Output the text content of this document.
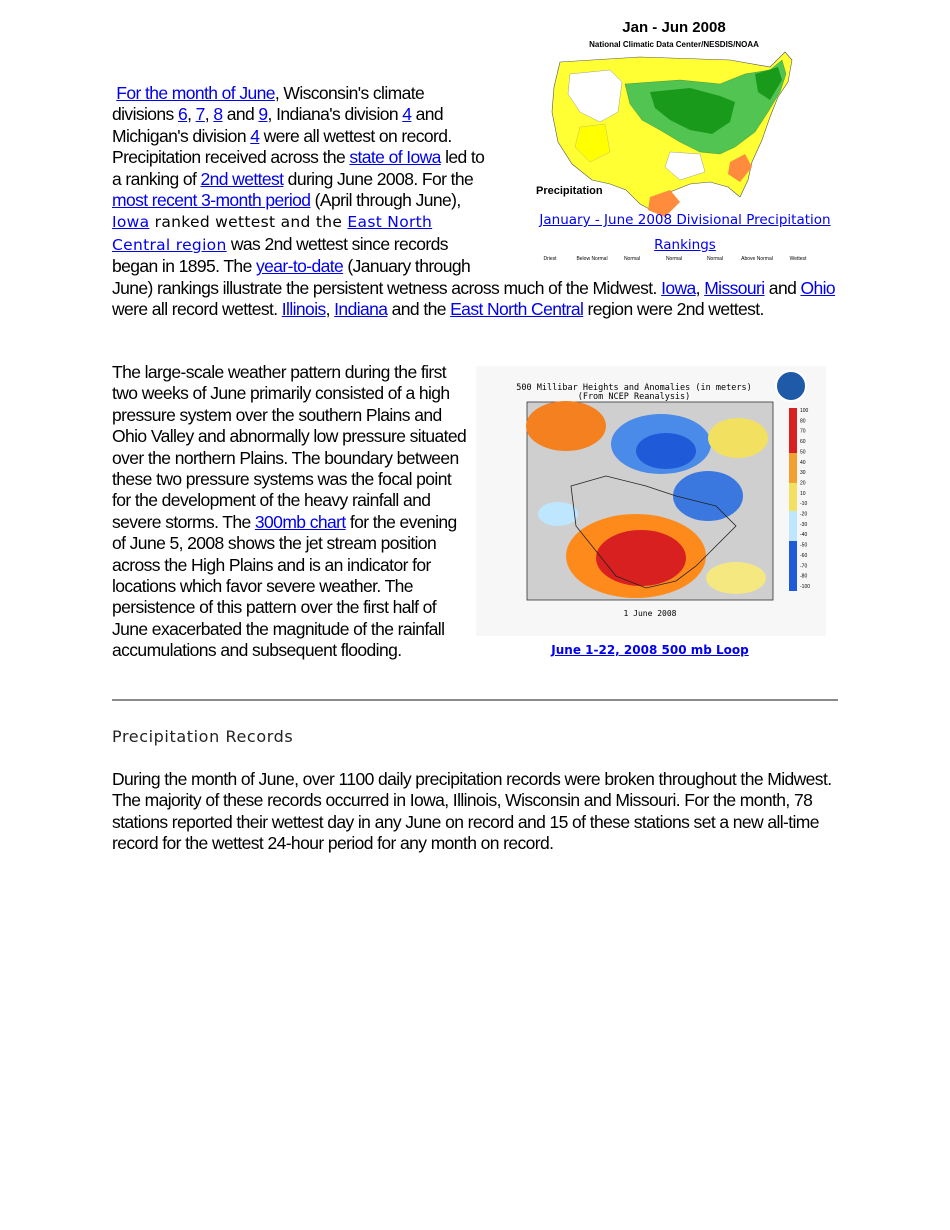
Jan - Jun 2008
National Climatic Data Center/NESDIS/NOAA
Precipitation
Driest	Below Normal	Normal	Normal	Normal	Above Normal	Wettest
January - June 2008 Divisional Precipitation Rankings
For the month of June, Wisconsin's climate divisions 6, 7, 8 and 9, Indiana's division 4 and Michigan's division 4 were all wettest on record. Precipitation received across the state of Iowa led to a ranking of 2nd wettest during June 2008. For the most recent 3-month period (April through June), Iowa ranked wettest and the East North Central region was 2nd wettest since records began in 1895. The year-to-date (January through June) rankings illustrate the persistent wetness across much of the Midwest. Iowa, Missouri and Ohio were all record wettest. Illinois, Indiana and the East North Central region were 2nd wettest.
500 Millibar Heights and Anomalies (in meters)
(From NCEP Reanalysis)
100
80
70
60
50
40
30
20
10
-10
-20
-30
-40
-50
-60
-70
-80
-100
1 June 2008
June 1-22, 2008 500 mb Loop
The large-scale weather pattern during the first two weeks of June primarily consisted of a high pressure system over the southern Plains and Ohio Valley and abnormally low pressure situated over the northern Plains. The boundary between these two pressure systems was the focal point for the development of the heavy rainfall and severe storms. The 300mb chart for the evening of June 5, 2008 shows the jet stream position across the High Plains and is an indicator for locations which favor severe weather. The persistence of this pattern over the first half of June exacerbated the magnitude of the rainfall accumulations and subsequent flooding.
Precipitation Records
During the month of June, over 1100 daily precipitation records were broken throughout the Midwest. The majority of these records occurred in Iowa, Illinois, Wisconsin and Missouri. For the month, 78 stations reported their wettest day in any June on record and 15 of these stations set a new all-time record for the wettest 24-hour period for any month on record.
